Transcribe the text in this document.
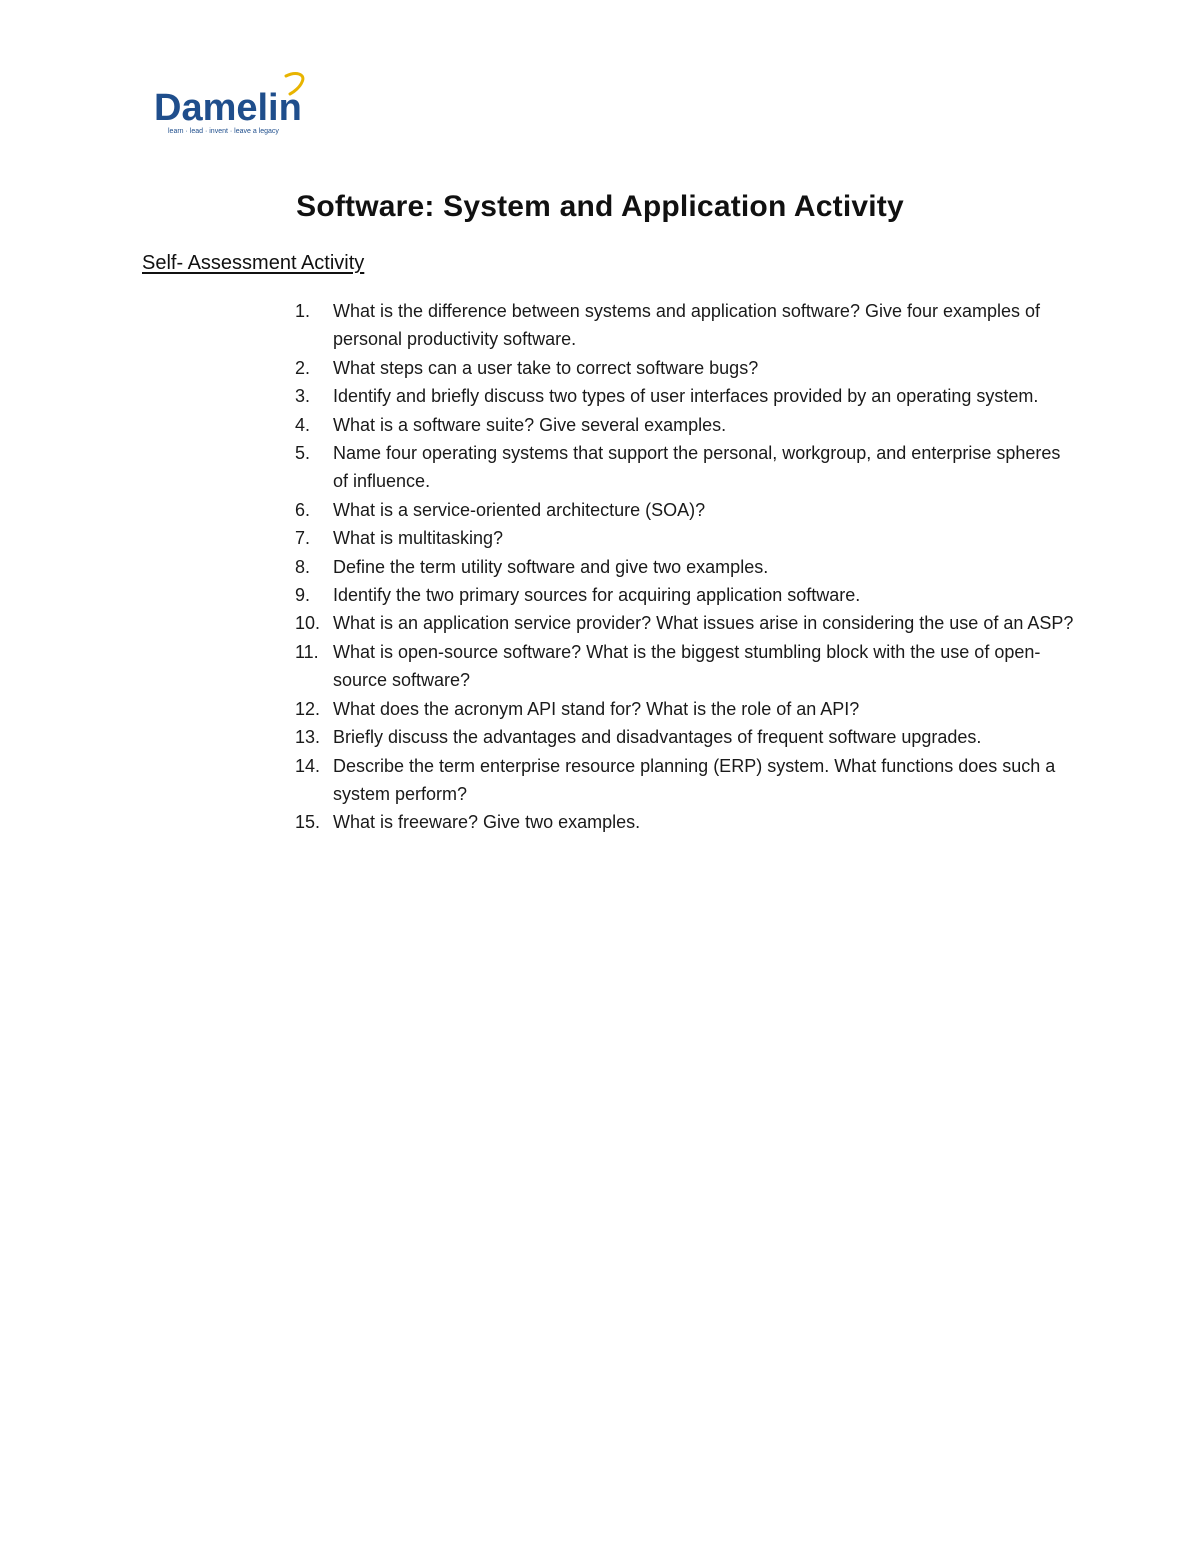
Damelin
learn · lead · invent · leave a legacy
Software: System and Application Activity
Self- Assessment Activity
1.	What is the difference between systems and application software? Give four examples of personal productivity software.
2.	What steps can a user take to correct software bugs?
3.	Identify and briefly discuss two types of user interfaces provided by an operating system.
4.	What is a software suite? Give several examples.
5.	Name four operating systems that support the personal, workgroup, and enterprise spheres of influence.
6.	What is a service-oriented architecture (SOA)?
7.	What is multitasking?
8.	Define the term utility software and give two examples.
9.	Identify the two primary sources for acquiring application software.
10. What is an application service provider? What issues arise in considering the use of an ASP?
11. What is open-source software? What is the biggest stumbling block with the use of open-source software?
12. What does the acronym API stand for? What is the role of an API?
13. Briefly discuss the advantages and disadvantages of frequent software upgrades.
14. Describe the term enterprise resource planning (ERP) system. What functions does such a system perform?
15. What is freeware? Give two examples.
